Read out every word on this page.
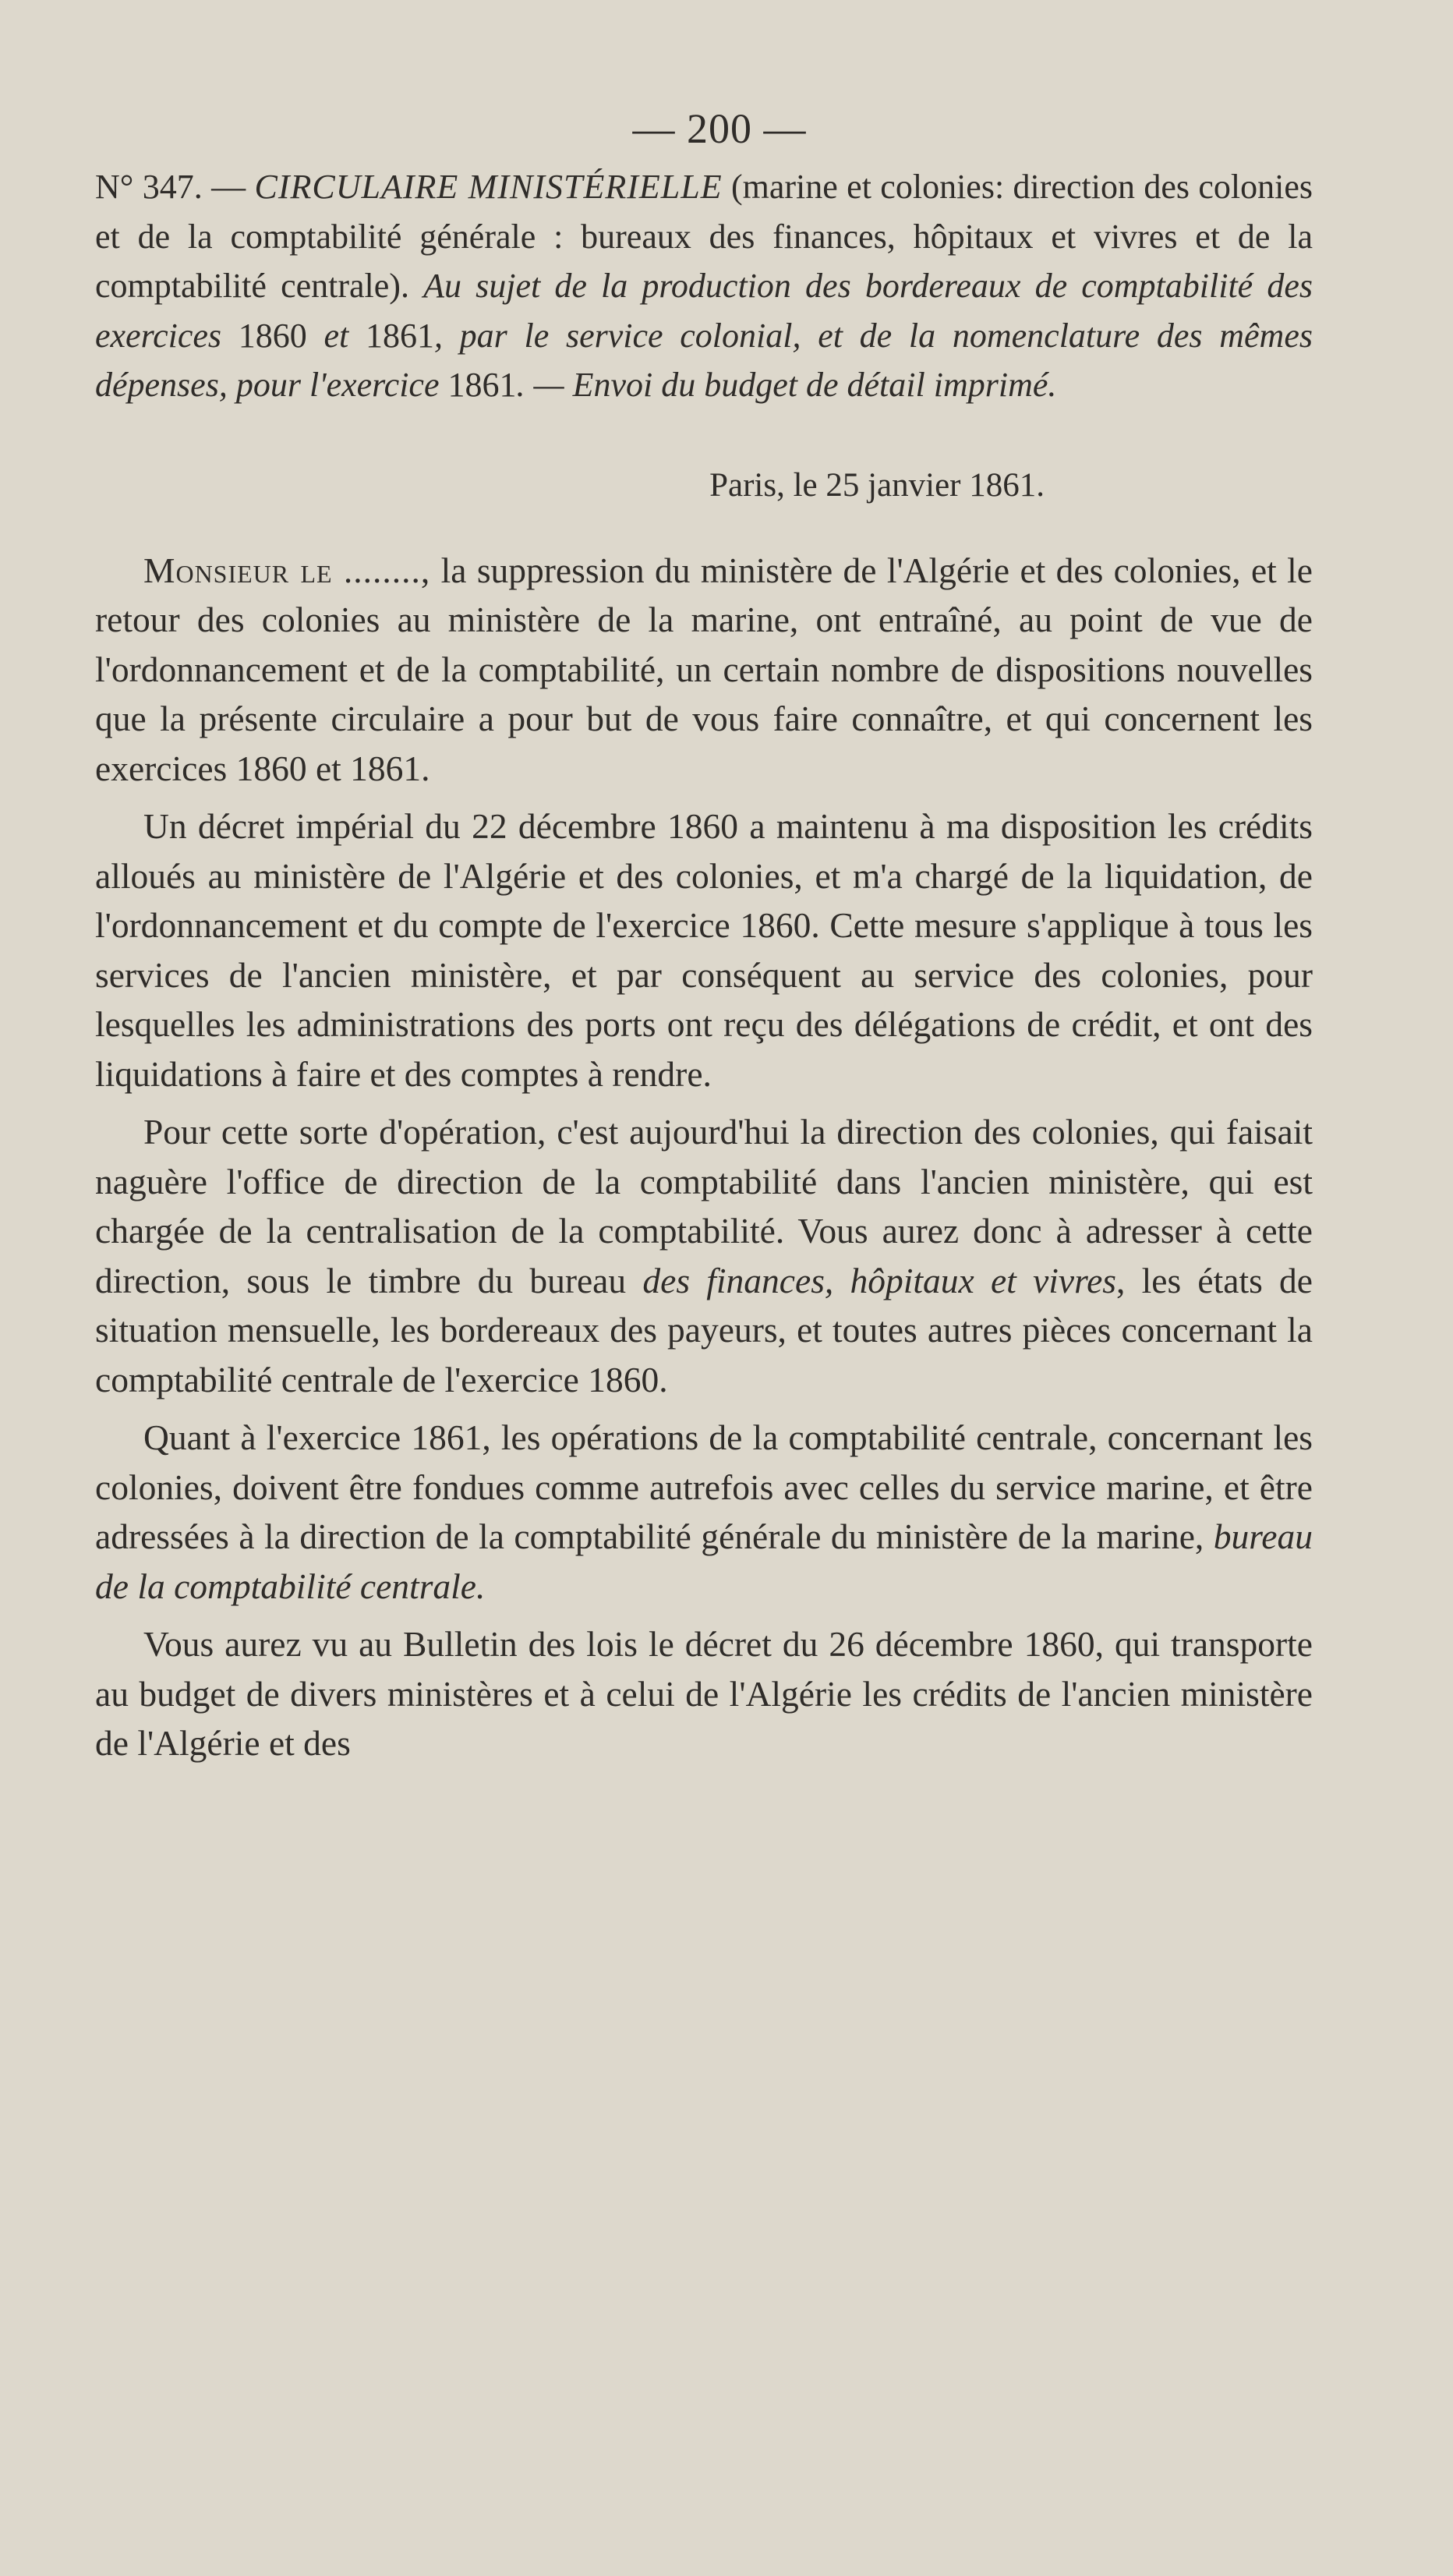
— 200 —
N° 347. — CIRCULAIRE MINISTÉRIELLE (marine et colonies: direction des colonies et de la comptabilité générale : bureaux des finances, hôpitaux et vivres et de la comptabilité centrale). Au sujet de la production des bordereaux de comptabilité des exercices 1860 et 1861, par le service colonial, et de la nomenclature des mêmes dépenses, pour l'exercice 1861. — Envoi du budget de détail imprimé.
Paris, le 25 janvier 1861.

Monsieur le ........, la suppression du ministère de l'Algérie et des colonies, et le retour des colonies au ministère de la marine, ont entraîné, au point de vue de l'ordonnancement et de la comptabilité, un certain nombre de dispositions nouvelles que la présente circulaire a pour but de vous faire connaître, et qui concernent les exercices 1860 et 1861.

Un décret impérial du 22 décembre 1860 a maintenu à ma disposition les crédits alloués au ministère de l'Algérie et des colonies, et m'a chargé de la liquidation, de l'ordonnancement et du compte de l'exercice 1860. Cette mesure s'applique à tous les services de l'ancien ministère, et par conséquent au service des colonies, pour lesquelles les administrations des ports ont reçu des délégations de crédit, et ont des liquidations à faire et des comptes à rendre.

Pour cette sorte d'opération, c'est aujourd'hui la direction des colonies, qui faisait naguère l'office de direction de la comptabilité dans l'ancien ministère, qui est chargée de la centralisation de la comptabilité. Vous aurez donc à adresser à cette direction, sous le timbre du bureau des finances, hôpitaux et vivres, les états de situation mensuelle, les bordereaux des payeurs, et toutes autres pièces concernant la comptabilité centrale de l'exercice 1860.

Quant à l'exercice 1861, les opérations de la comptabilité centrale, concernant les colonies, doivent être fondues comme autrefois avec celles du service marine, et être adressées à la direction de la comptabilité générale du ministère de la marine, bureau de la comptabilité centrale.

Vous aurez vu au Bulletin des lois le décret du 26 décembre 1860, qui transporte au budget de divers ministères et à celui de l'Algérie les crédits de l'ancien ministère de l'Algérie et des
